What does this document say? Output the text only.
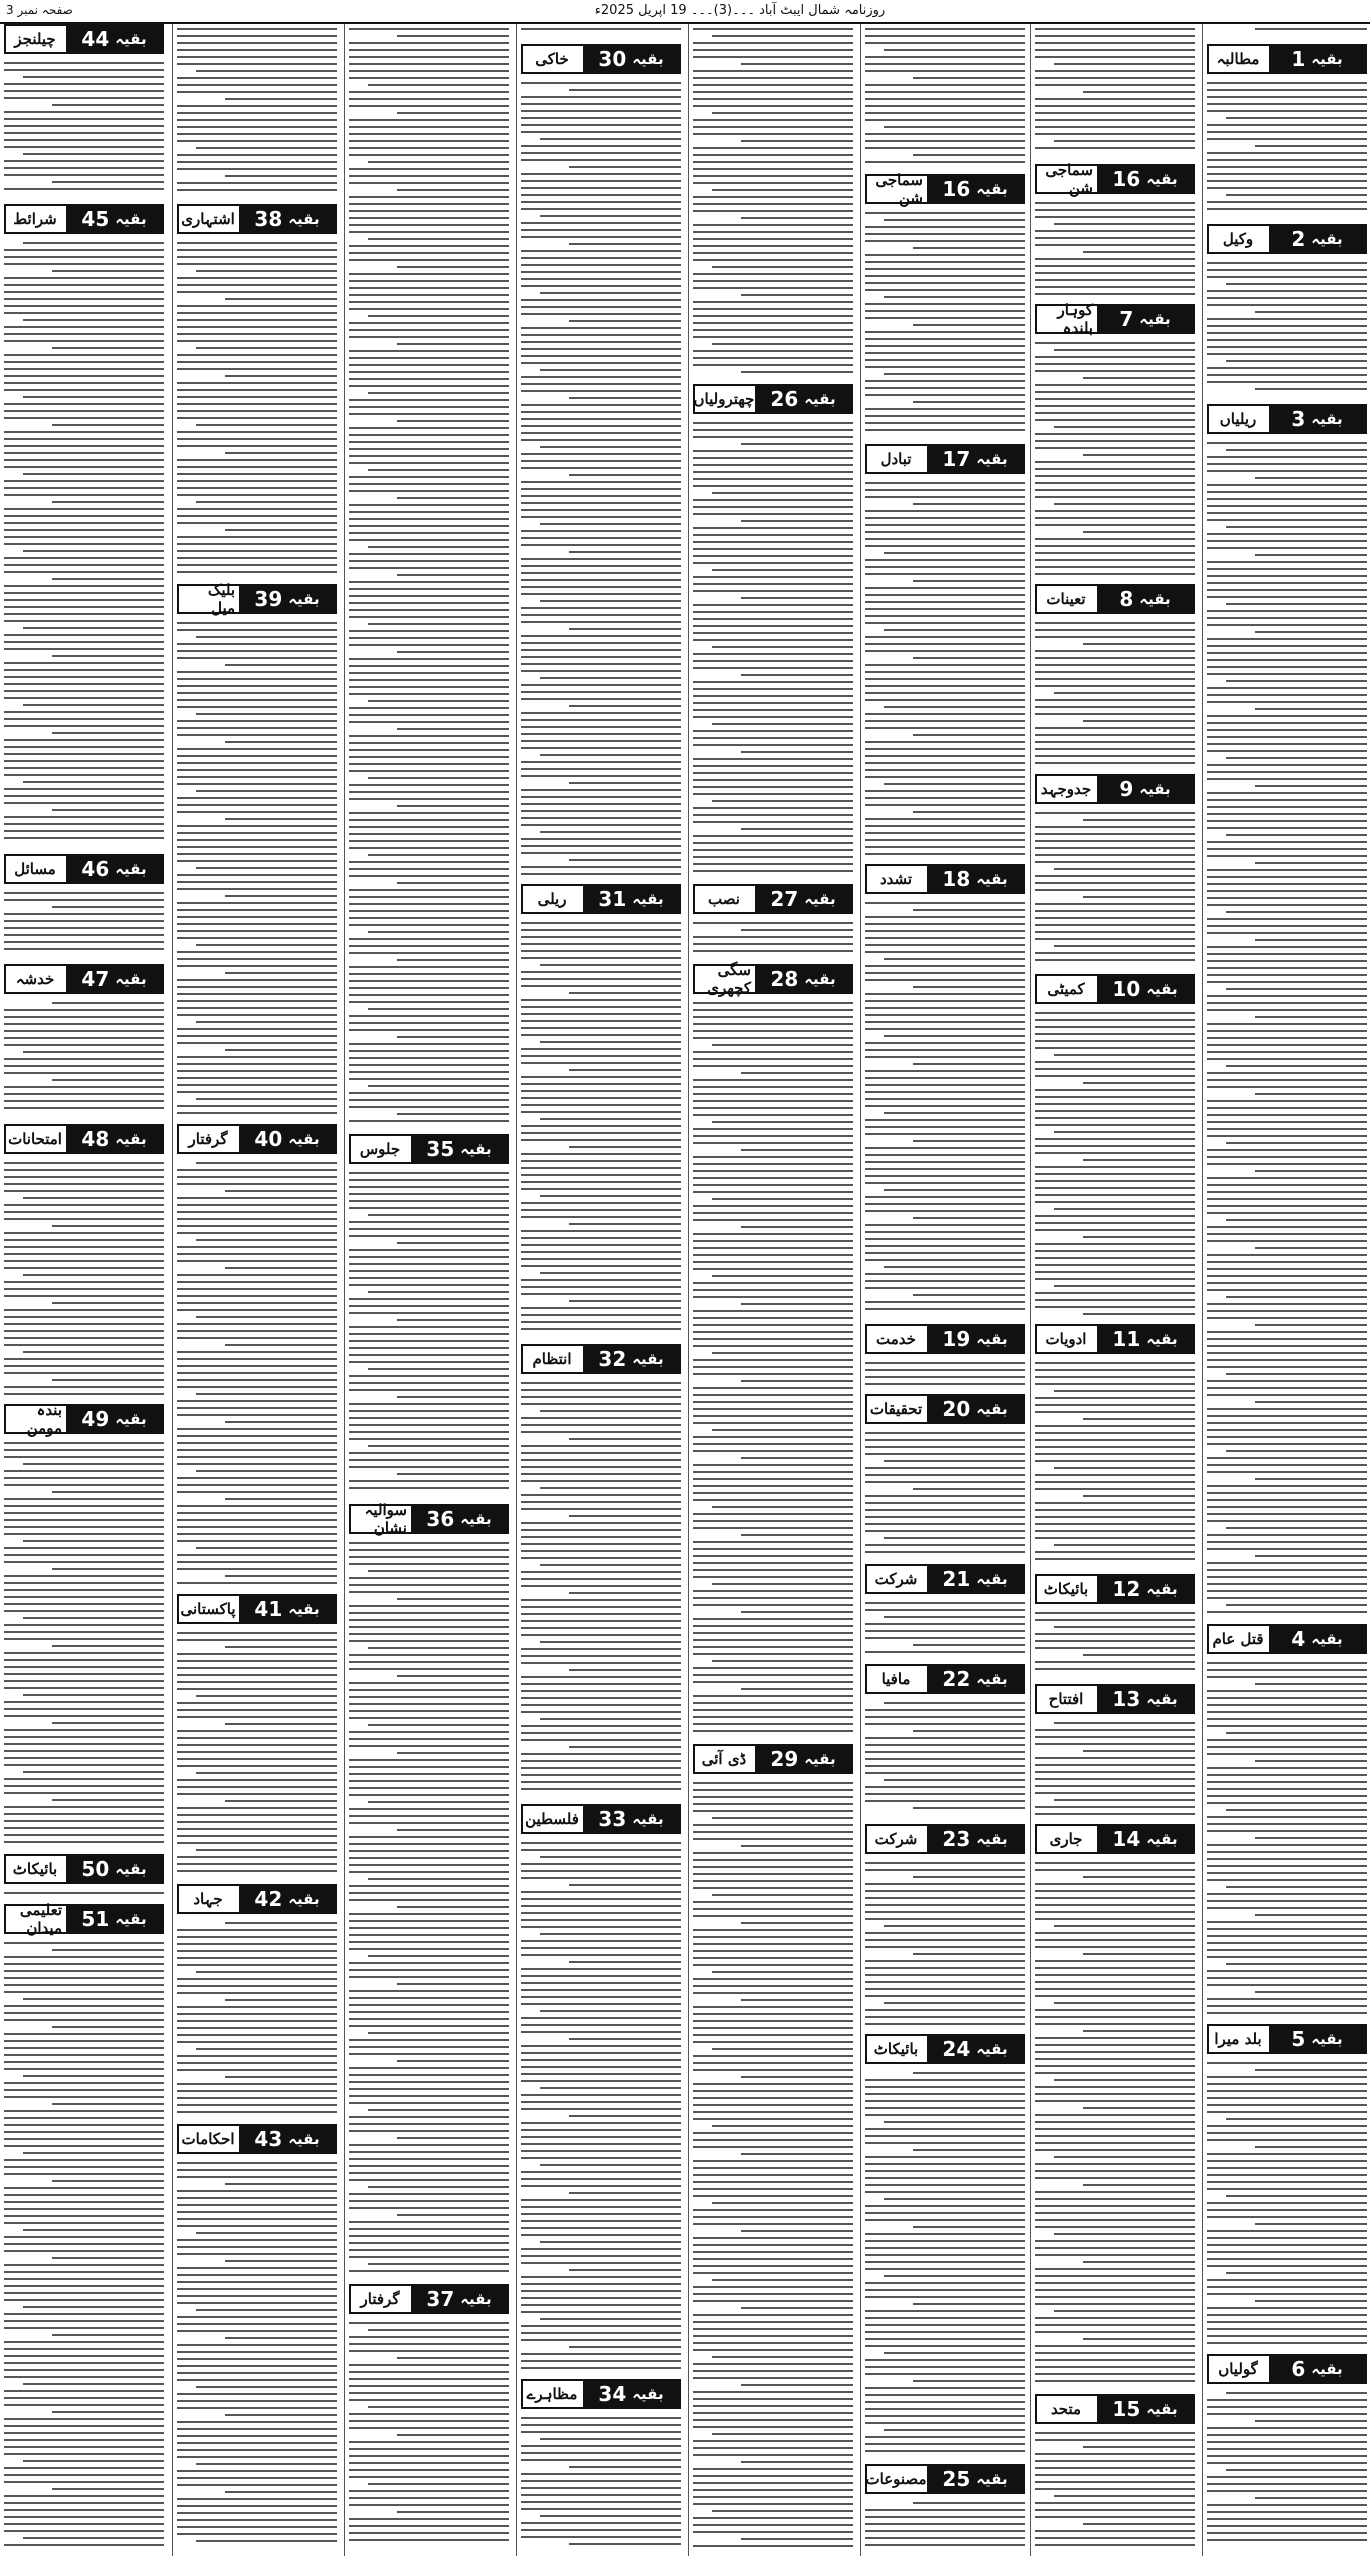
صفحہ نمبر 3	روزنامہ شمال ایبٹ آباد ۔۔۔(3)۔۔۔ 19 اپریل 2025ء
بقیہ
1
مطالبہ
بقیہ
2
وکیل
بقیہ
3
ریلیاں
بقیہ
4
قتل عام
بقیہ
5
بلد میرا
بقیہ
6
گولیاں
بقیہ
16
سماجی شن
بقیہ
7
کوہار بلندہ
بقیہ
8
تعینات
بقیہ
9
جدوجہد
بقیہ
10
کمیٹی
بقیہ
11
ادویات
بقیہ
12
بائیکاٹ
بقیہ
13
افتتاح
بقیہ
14
جاری
بقیہ
15
متحد
بقیہ
16
سماجی شن
بقیہ
17
تبادل
بقیہ
18
تشدد
بقیہ
19
خدمت
بقیہ
20
تحقیقات
بقیہ
21
شرکت
بقیہ
22
مافیا
بقیہ
23
شرکت
بقیہ
24
بائیکاٹ
بقیہ
25
مصنوعات
بقیہ
26
چھترولیاں
بقیہ
27
نصب
بقیہ
28
سگی کچھری
بقیہ
29
ڈی آئی
بقیہ
30
خاکی
بقیہ
31
ریلی
بقیہ
32
انتظام
بقیہ
33
فلسطین
بقیہ
34
مظاہرے
بقیہ
35
جلوس
بقیہ
36
سوالیہ نشان
بقیہ
37
گرفتار
بقیہ
38
اشتہاری
بقیہ
39
بلیک میل
بقیہ
40
گرفتار
بقیہ
41
پاکستانی
بقیہ
42
جہاد
بقیہ
43
احکامات
بقیہ
44
چیلنجز
بقیہ
45
شرائط
بقیہ
46
مسائل
بقیہ
47
خدشہ
بقیہ
48
امتحانات
بقیہ
49
بندہ مومن
بقیہ
50
بائیکاٹ
بقیہ
51
تعلیمی میدان
